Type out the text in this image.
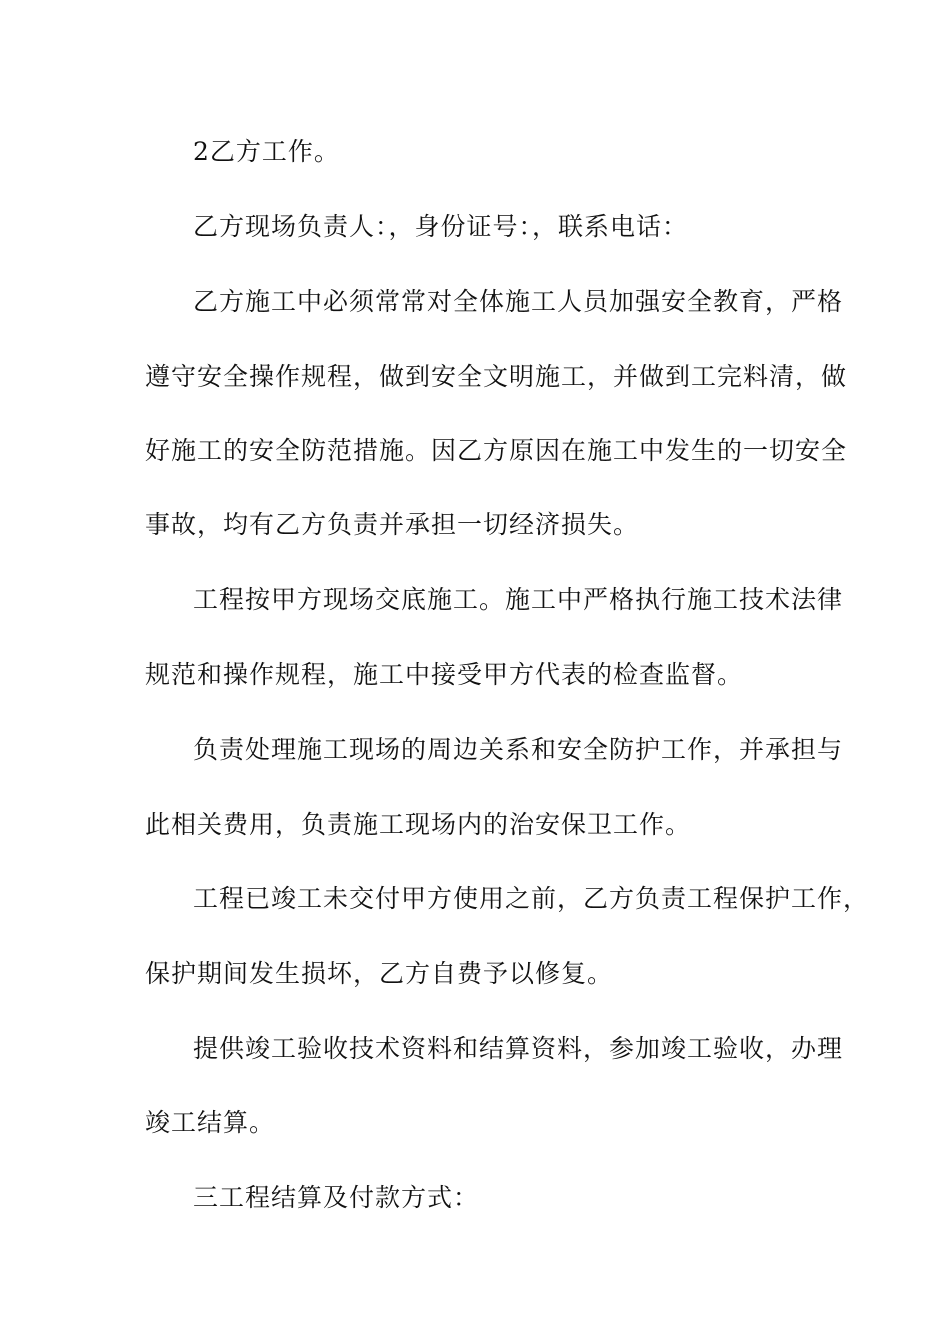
2乙方工作。
乙方现场负责人：，身份证号：，联系电话：
乙方施工中必须常常对全体施工人员加强安全教育，严格
遵守安全操作规程，做到安全文明施工，并做到工完料清，做
好施工的安全防范措施。因乙方原因在施工中发生的一切安全
事故，均有乙方负责并承担一切经济损失。
工程按甲方现场交底施工。施工中严格执行施工技术法律
规范和操作规程，施工中接受甲方代表的检查监督。
负责处理施工现场的周边关系和安全防护工作，并承担与
此相关费用，负责施工现场内的治安保卫工作。
工程已竣工未交付甲方使用之前，乙方负责工程保护工作，
保护期间发生损坏，乙方自费予以修复。
提供竣工验收技术资料和结算资料，参加竣工验收，办理
竣工结算。
三工程结算及付款方式：
